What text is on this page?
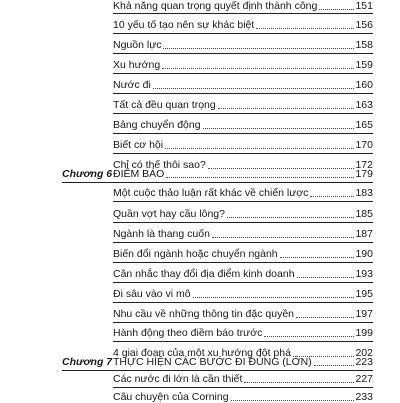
Khả năng quan trọng quyết định thành công	151
10 yếu tố tạo nên sự khác biệt	156
Nguồn lực	158
Xu hướng	159
Nước đi	160
Tất cả đều quan trọng	163
Bảng chuyển động	165
Biết cơ hội	170
Chỉ có thế thôi sao?	172
Chương 6 ĐIỂM BÁO	179
Một cuộc thảo luận rất khác về chiến lược	183
Quần vợt hay cầu lông?	185
Ngành là thang cuốn	187
Biến đổi ngành hoặc chuyển ngành	190
Cân nhắc thay đổi địa điểm kinh doanh	193
Đi sâu vào vi mô	195
Nhu cầu về những thông tin đặc quyền	197
Hành động theo điềm báo trước	199
4 giai đoạn của một xu hướng đột phá	202
Chương 7 THỰC HIỆN CÁC BƯỚC ĐI ĐÚNG (LỚN)	223
Các nước đi lớn là cần thiết	227
Câu chuyện của Corning	233
